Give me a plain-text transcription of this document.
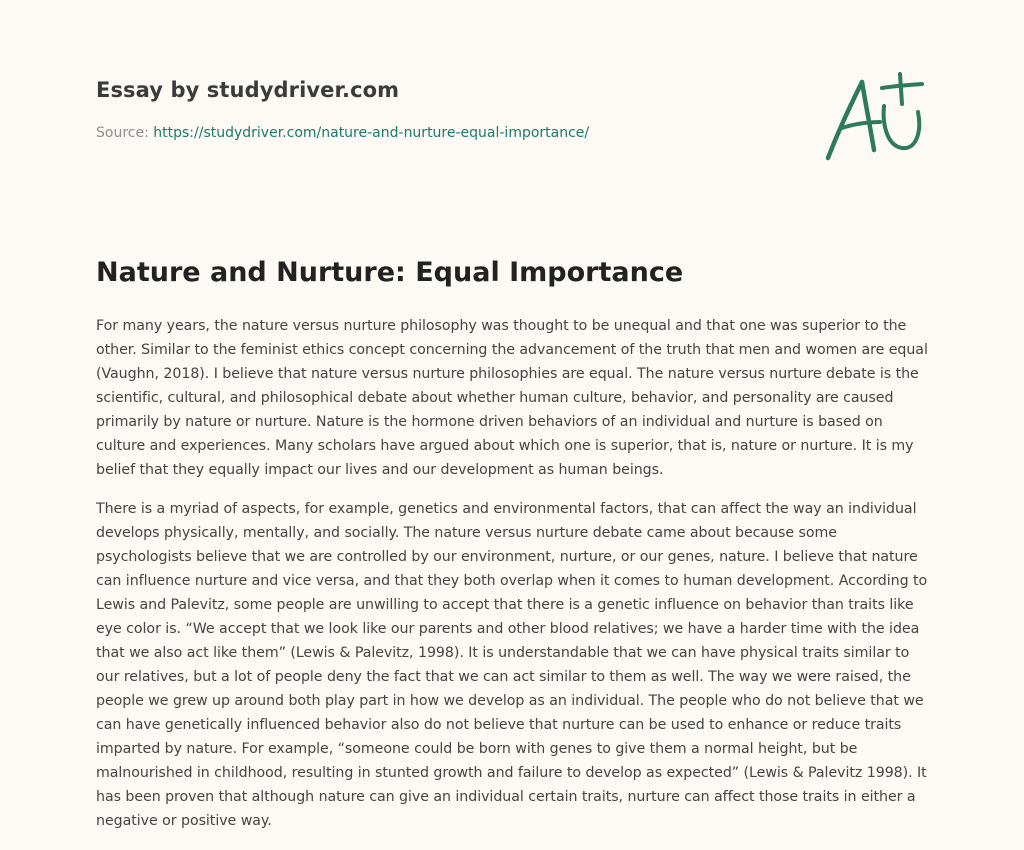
Essay by studydriver.com
Source: https://studydriver.com/nature-and-nurture-equal-importance/
Nature and Nurture: Equal Importance

For many years, the nature versus nurture philosophy was thought to be unequal and that one was superior to the other. Similar to the feminist ethics concept concerning the advancement of the truth that men and women are equal (Vaughn, 2018). I believe that nature versus nurture philosophies are equal. The nature versus nurture debate is the scientific, cultural, and philosophical debate about whether human culture, behavior, and personality are caused primarily by nature or nurture. Nature is the hormone driven behaviors of an individual and nurture is based on culture and experiences. Many scholars have argued about which one is superior, that is, nature or nurture. It is my belief that they equally impact our lives and our development as human beings.

There is a myriad of aspects, for example, genetics and environmental factors, that can affect the way an individual develops physically, mentally, and socially. The nature versus nurture debate came about because some psychologists believe that we are controlled by our environment, nurture, or our genes, nature. I believe that nature can influence nurture and vice versa, and that they both overlap when it comes to human development. According to Lewis and Palevitz, some people are unwilling to accept that there is a genetic influence on behavior than traits like eye color is. “We accept that we look like our parents and other blood relatives; we have a harder time with the idea that we also act like them” (Lewis & Palevitz, 1998). It is understandable that we can have physical traits similar to our relatives, but a lot of people deny the fact that we can act similar to them as well. The way we were raised, the people we grew up around both play part in how we develop as an individual. The people who do not believe that we can have genetically influenced behavior also do not believe that nurture can be used to enhance or reduce traits imparted by nature. For example, “someone could be born with genes to give them a normal height, but be malnourished in childhood, resulting in stunted growth and failure to develop as expected” (Lewis & Palevitz 1998). It has been proven that although nature can give an individual certain traits, nurture can affect those traits in either a negative or positive way.
